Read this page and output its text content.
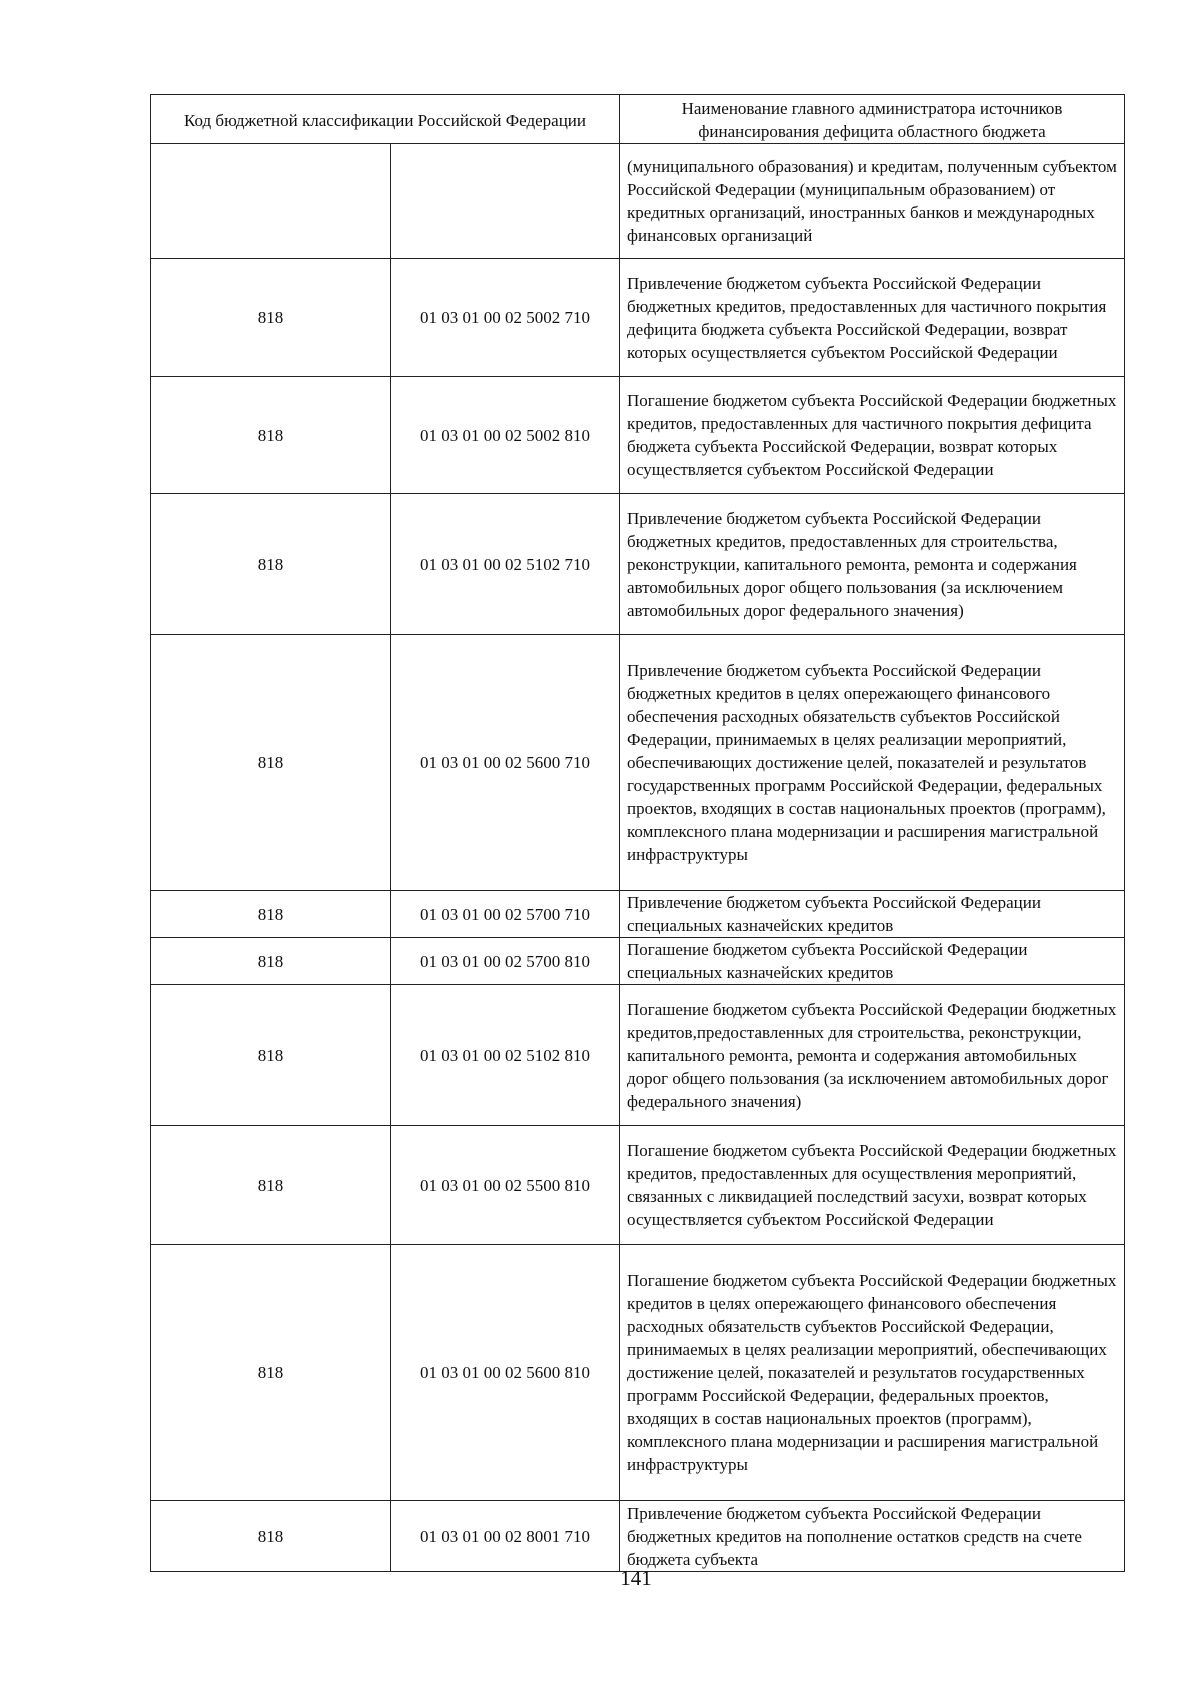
Код бюджетной классификации Российской Федерации		Наименование главного администратора источников финансирования дефицита областного бюджета
		(муниципального образования) и кредитам, полученным субъектом Российской Федерации (муниципальным образованием) от кредитных организаций, иностранных банков и международных финансовых организаций
818	01 03 01 00 02 5002 710	Привлечение бюджетом субъекта Российской Федерации бюджетных кредитов, предоставленных для частичного покрытия дефицита бюджета субъекта Российской Федерации, возврат которых осуществляется субъектом Российской Федерации
818	01 03 01 00 02 5002 810	Погашение бюджетом субъекта Российской Федерации бюджетных кредитов, предоставленных для частичного покрытия дефицита бюджета субъекта Российской Федерации, возврат которых осуществляется субъектом Российской Федерации
818	01 03 01 00 02 5102 710	Привлечение бюджетом субъекта Российской Федерации бюджетных кредитов, предоставленных для строительства, реконструкции, капитального ремонта, ремонта и содержания автомобильных дорог общего пользования (за исключением автомобильных дорог федерального значения)
818	01 03 01 00 02 5600 710	Привлечение бюджетом субъекта Российской Федерации бюджетных кредитов в целях опережающего финансового обеспечения расходных обязательств субъектов Российской Федерации, принимаемых в целях реализации мероприятий, обеспечивающих достижение целей, показателей и результатов государственных программ Российской Федерации, федеральных проектов, входящих в состав национальных проектов (программ), комплексного плана модернизации и расширения магистральной инфраструктуры
818	01 03 01 00 02 5700 710	Привлечение бюджетом субъекта Российской Федерации специальных казначейских кредитов
818	01 03 01 00 02 5700 810	Погашение бюджетом субъекта Российской Федерации специальных казначейских кредитов
818	01 03 01 00 02 5102 810	Погашение бюджетом субъекта Российской Федерации бюджетных кредитов,предоставленных для строительства, реконструкции, капитального ремонта, ремонта и содержания автомобильных дорог общего пользования (за исключением автомобильных дорог федерального значения)
818	01 03 01 00 02 5500 810	Погашение бюджетом субъекта Российской Федерации бюджетных кредитов, предоставленных для осуществления мероприятий, связанных с ликвидацией последствий засухи, возврат которых осуществляется субъектом Российской Федерации
818	01 03 01 00 02 5600 810	Погашение бюджетом субъекта Российской Федерации бюджетных кредитов в целях опережающего финансового обеспечения расходных обязательств субъектов Российской Федерации, принимаемых в целях реализации мероприятий, обеспечивающих достижение целей, показателей и результатов государственных программ Российской Федерации, федеральных проектов, входящих в состав национальных проектов (программ), комплексного плана модернизации и расширения магистральной инфраструктуры
818	01 03 01 00 02 8001 710	Привлечение бюджетом субъекта Российской Федерации бюджетных кредитов на пополнение остатков средств на счете бюджета субъекта
141
